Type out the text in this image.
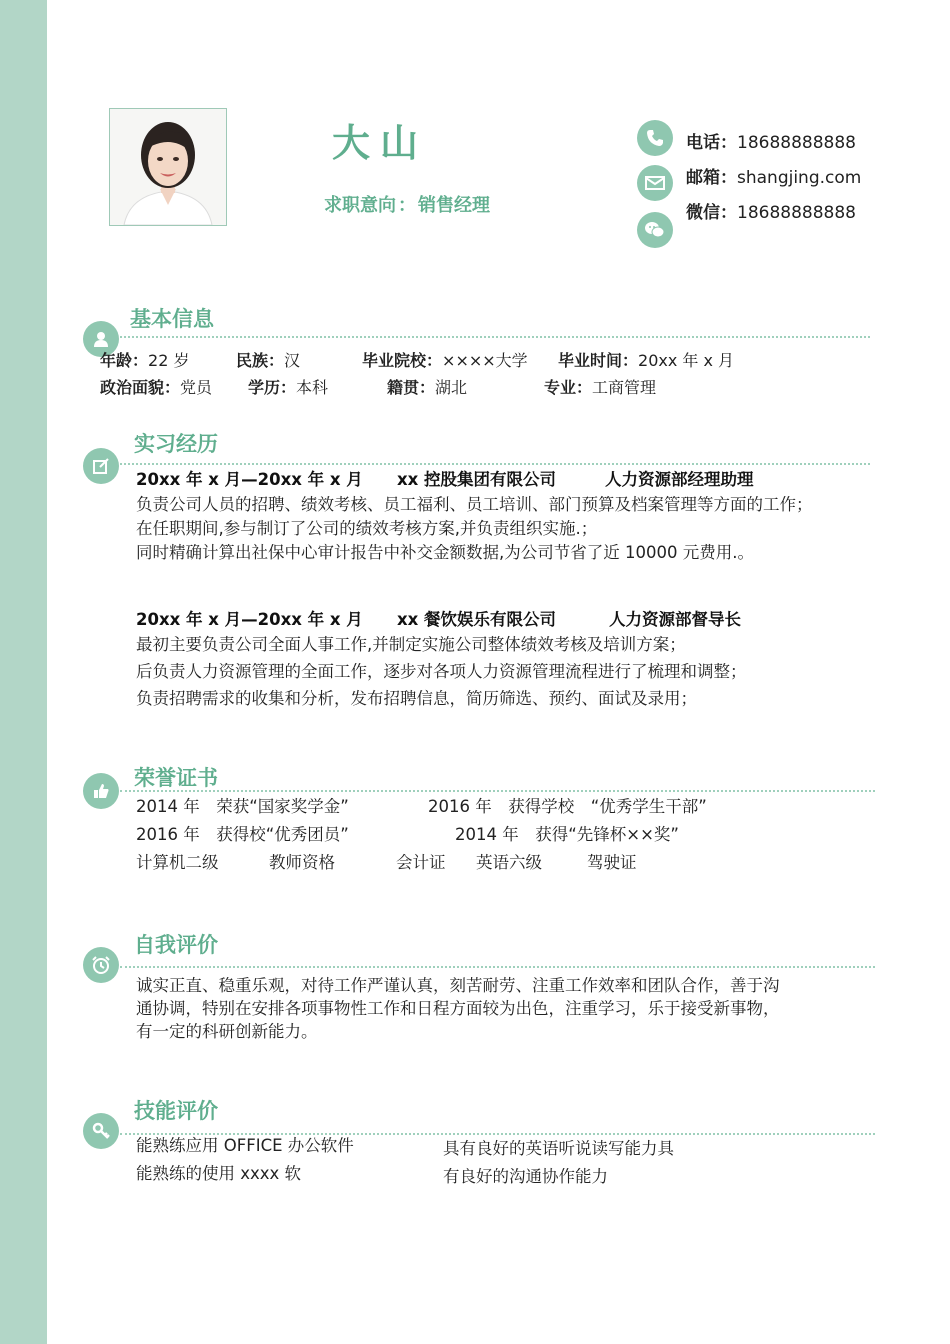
大山
求职意向 ： 销售经理
电话：18688888888
邮箱：shangjing.com
微信：18688888888
基本信息
年龄：22 岁	民族：汉	毕业院校：××××大学 毕业时间：20xx 年 x 月
政治面貌：党员 学历：本科	籍贯：湖北	专业：工商管理
实习经历
20xx 年 x 月—20xx 年 x 月 xx 控股集团有限公司	人力资源部经理助理
负责公司人员的招聘、绩效考核、员工福利、员工培训、部门预算及档案管理等方面的工作；
在任职期间,参与制订了公司的绩效考核方案,并负责组织实施.；
同时精确计算出社保中心审计报告中补交金额数据,为公司节省了近 10000 元费用.。
20xx 年 x 月—20xx 年 x 月 xx 餐饮娱乐有限公司	人力资源部督导长
最初主要负责公司全面人事工作,并制定实施公司整体绩效考核及培训方案；
后负责人力资源管理的全面工作，逐步对各项人力资源管理流程进行了梳理和调整；
负责招聘需求的收集和分析，发布招聘信息，简历筛选、预约、面试及录用；
荣誉证书
2014 年　荣获“国家奖学金”	2016 年　获得学校　“优秀学生干部”
2016 年　获得校“优秀团员”	2014 年　获得“先锋杯××奖”
计算机二级	教师资格	会计证 英语六级	驾驶证
自我评价
诚实正直、稳重乐观，对待工作严谨认真，刻苦耐劳、注重工作效率和团队合作，善于沟
通协调，特别在安排各项事物性工作和日程方面较为出色，注重学习，乐于接受新事物，
有一定的科研创新能力。
技能评价
能熟练应用 OFFICE 办公软件	具有良好的英语听说读写能力具
能熟练的使用 xxxx 软	有良好的沟通协作能力
